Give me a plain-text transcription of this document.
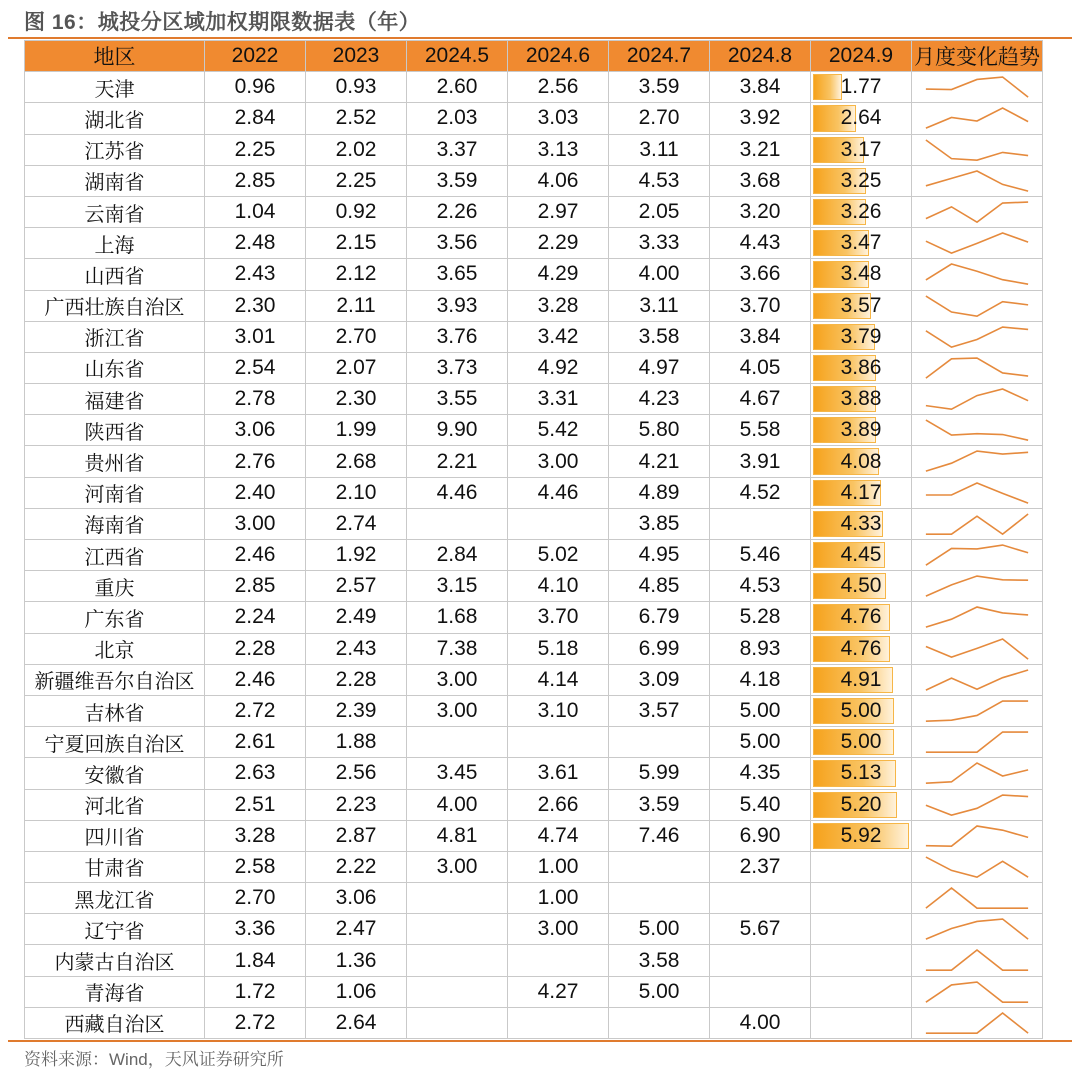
图 16：城投分区域加权期限数据表（年）
地区	2022	2023	2024.5	2024.6	2024.7	2024.8	2024.9	月度变化趋势
天津	0.96	0.93	2.60	2.56	3.59	3.84	1.77	

湖北省	2.84	2.52	2.03	3.03	2.70	3.92	2.64	

江苏省	2.25	2.02	3.37	3.13	3.11	3.21	3.17	

湖南省	2.85	2.25	3.59	4.06	4.53	3.68	3.25	

云南省	1.04	0.92	2.26	2.97	2.05	3.20	3.26	

上海	2.48	2.15	3.56	2.29	3.33	4.43	3.47	

山西省	2.43	2.12	3.65	4.29	4.00	3.66	3.48	

广西壮族自治区	2.30	2.11	3.93	3.28	3.11	3.70	3.57	

浙江省	3.01	2.70	3.76	3.42	3.58	3.84	3.79	

山东省	2.54	2.07	3.73	4.92	4.97	4.05	3.86	

福建省	2.78	2.30	3.55	3.31	4.23	4.67	3.88	

陕西省	3.06	1.99	9.90	5.42	5.80	5.58	3.89	

贵州省	2.76	2.68	2.21	3.00	4.21	3.91	4.08	

河南省	2.40	2.10	4.46	4.46	4.89	4.52	4.17	

海南省	3.00	2.74			3.85		4.33	

江西省	2.46	1.92	2.84	5.02	4.95	5.46	4.45	

重庆	2.85	2.57	3.15	4.10	4.85	4.53	4.50	

广东省	2.24	2.49	1.68	3.70	6.79	5.28	4.76	

北京	2.28	2.43	7.38	5.18	6.99	8.93	4.76	

新疆维吾尔自治区	2.46	2.28	3.00	4.14	3.09	4.18	4.91	

吉林省	2.72	2.39	3.00	3.10	3.57	5.00	5.00	

宁夏回族自治区	2.61	1.88				5.00	5.00	

安徽省	2.63	2.56	3.45	3.61	5.99	4.35	5.13	

河北省	2.51	2.23	4.00	2.66	3.59	5.40	5.20	

四川省	3.28	2.87	4.81	4.74	7.46	6.90	5.92	

甘肃省	2.58	2.22	3.00	1.00		2.37		

黑龙江省	2.70	3.06		1.00				

辽宁省	3.36	2.47		3.00	5.00	5.67		

内蒙古自治区	1.84	1.36			3.58			

青海省	1.72	1.06		4.27	5.00			

西藏自治区	2.72	2.64				4.00		
资料来源：Wind，天风证券研究所
